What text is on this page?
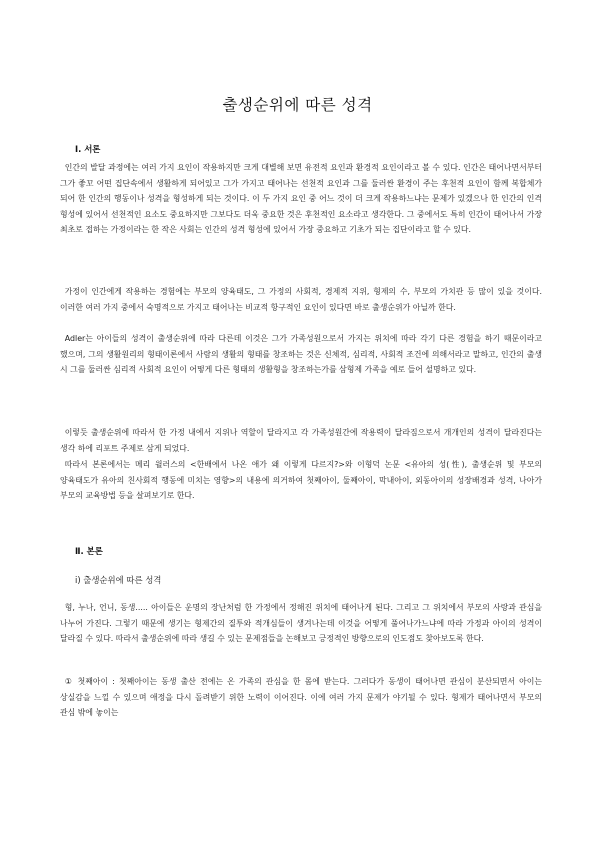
출생순위에 따른 성격
Ⅰ. 서론

인간의 발달 과정에는 여러 가지 요인이 작용하지만 크게 대별해 보면 유전적 요인과 환경적 요인이라고 볼 수 있다. 인간은 태어나면서부터 그가 좋꼬 어떤 집단속에서 생활하게 되어있고 그가 가지고 태어나는 선천적 요인과 그를 둘러싼 환경이 주는 후천적 요인이 함께 복합체가 되어 한 인간의 행동이나 성격을 형성하게 되는 것이다. 이 두 가지 요인 중 어느 것이 더 크게 작용하느냐는 문제가 있겠으나 한 인간의 인격 형성에 있어서 선천적인 요소도 중요하지만 그보다도 더욱 중요한 것은 후천적인 요소라고 생각한다. 그 중에서도 특히 인간이 태어나서 가장 최초로 접하는 가정이라는 한 작은 사회는 인간의 성격 형성에 있어서 가장 중요하고 기초가 되는 집단이라고 할 수 있다.

가정이 인간에게 작용하는 경험에는 부모의 양육태도, 그 가정의 사회적, 경제적 지위, 형제의 수, 부모의 가치관 등 많이 있을 것이다. 이러한 여러 가지 중에서 숙명적으로 가지고 태어나는 비교적 항구적인 요인이 있다면 바로 출생순위가 아닐까 한다.

Adler는 아이들의 성격이 출생순위에 따라 다른데 이것은 그가 가족성원으로서 가지는 위치에 따라 각기 다른 경험을 하기 때문이라고 했으며, 그의 생활원리의 형태이론에서 사람의 생활의 형태를 창조하는 것은 신체적, 심리적, 사회적 조건에 의해서라고 말하고, 인간의 출생 시 그를 둘러싼 심리적 사회적 요인이 어떻게 다른 형태의 생활형을 창조하는가를 삼형제 가족을 예로 들어 설명하고 있다.

이렇듯 출생순위에 따라서 한 가정 내에서 지위나 역할이 달라지고 각 가족성원간에 작용력이 달라짐으로서 개개인의 성격이 달라진다는 생각 하에 리포트 주제로 삼게 되었다.

따라서 본론에서는 메리 윌러스의 <한배에서 나온 애가 왜 이렇게 다르지?>와 이형덕 논문 <유아의 성(性), 출생순위 및 부모의 양육태도가 유아의 친사회적 행동에 미치는 영향>의 내용에 의거하여 첫째아이, 둘째아이, 막내아이, 외동아이의 성장배경과 성격, 나아가 부모의 교육방법 등을 살펴보기로 한다.

Ⅱ. 본론
ⅰ) 출생순위에 따른 성격

형, 누나, 언니, 동생..... 아이들은 운명의 장난처럼 한 가정에서 정해진 위치에 태어나게 된다. 그리고 그 위치에서 부모의 사랑과 관심을 나누어 가진다. 그렇기 때문에 생기는 형제간의 질투와 적개심들이 생겨나는데 이것을 어떻게 풀어나가느냐에 따라 가정과 아이의 성격이 달라질 수 있다. 따라서 출생순위에 따라 생길 수 있는 문제점들을 논해보고 긍정적인 방향으로의 인도점도 찾아보도록 한다.

① 첫째아이 : 첫째아이는 동생 출산 전에는 온 가족의 관심을 한 몸에 받는다. 그러다가 동생이 태어나면 관심이 분산되면서 아이는 상실감을 느낄 수 있으며 애정을 다시 돌려받기 위한 노력이 이어진다. 이에 여러 가지 문제가 야기될 수 있다. 형제가 태어나면서 부모의 관심 밖에 놓이는
